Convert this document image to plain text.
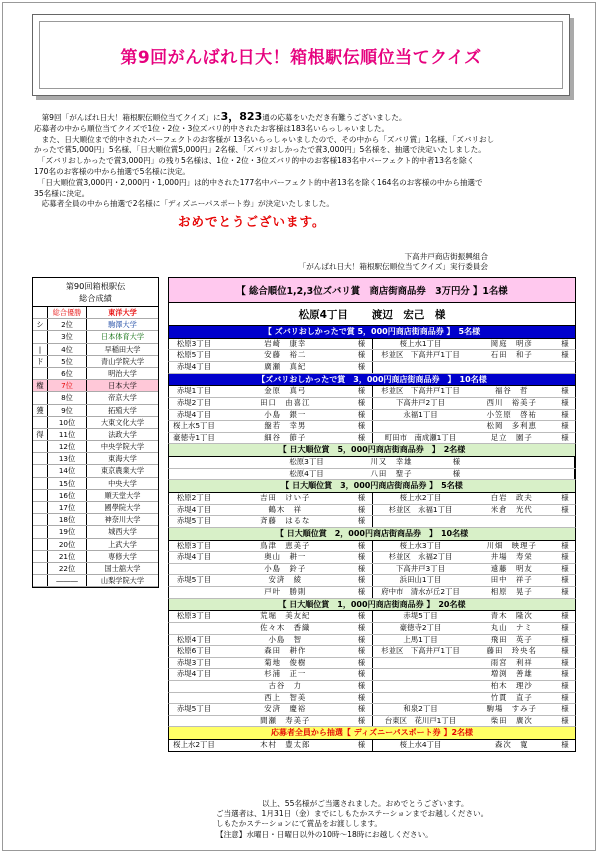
第9回がんばれ日大！箱根駅伝順位当てクイズ

　第9回「がんばれ日大！箱根駅伝順位当てクイズ」に3，823通の応募をいただき有難うございました。

応募者の中から順位当てクイズで1位・2位・3位ズバリ的中されたお客様は183名いらっしゃいました。

　また、日大順位まで的中されたパーフェクトのお客様が 13名いらっしゃいましたので、その中から「ズバリ賞」1名様、「ズバリおし

かったで賞5,000円」5名様、「日大順位賞5,000円」2名様、「ズバリおしかったで賞3,000円」5名様を、抽選で決定いたしました。

　「ズバリおしかったで賞3,000円」の残り5名様は、1位・2位・3位ズバリ的中のお客様183名中パーフェクト的中者13名を除く

170名のお客様の中から抽選で5名様に決定。

　「日大順位賞3,000円・2,000円・1,000円」は的中された177名中パーフェクト的中者13名を除く164名のお客様の中から抽選で

35名様に決定。

　応募者全員の中から抽選で2名様に「ディズニーパスポート券」が決定いたしました。

おめでとうございます。
下高井戸商店街振興組合
「がんばれ日大！箱根駅伝順位当てクイズ」実行委員会
第90回箱根駅伝
総合成績
総合優勝	東洋大学
シ	2位	駒澤大学
3位	日本体育大学
|	4位	早稲田大学
ド	5位	青山学院大学
6位	明治大学
権	7位	日本大学
8位	帝京大学
獲	9位	拓殖大学
10位	大東文化大学
得	11位	法政大学
12位	中央学院大学
13位	東海大学
14位	東京農業大学
15位	中央大学
16位	順天堂大学
17位	國學院大学
18位	神奈川大学
19位	城西大学
20位	上武大学
21位	専修大学
22位	国士舘大学
―――	山梨学院大学
【 総合順位1,2,3位ズバリ賞　商店街商品券　3万円分 】1名様
松原4丁目 渡辺　宏己　様
【 ズバリおしかったで賞 5，000円商店街商品券 】　5名様
松原3丁目	岩崎　康幸	様	桜上水1丁目	岡庭　明彦	様
松原5丁目	安藤　裕二	様	杉並区　下高井戸1丁目	石田　和子	様
赤堤4丁目	廣瀬　真紀	様
【ズバリおしかったで賞　3，000円商店街商品券　】　10名様
赤堤1丁目	金原　真弓	様	杉並区　下高井戸1丁目	福谷　哲	様
赤堤2丁目	田口　由喜江	様	下高井戸2丁目	西川　裕美子	様
赤堤4丁目	小島　銀一	様	永福1丁目	小笠原　啓祐	様
桜上水5丁目	盤若　幸男	様	松岡　多利恵	様
豪徳寺1丁目	細谷　節子	様	町田市　南成瀬1丁目	足立　園子	様
【 日大順位賞　5，000円商店街商品券　】　2名様
松原3丁目	川又　幸雄	様
松原4丁目	八田　聖子	様
【 日大順位賞　3，000円商店街商品券 】　5名様
松原2丁目	吉田　けい子	様	桜上水2丁目	白岩　政夫	様
赤堤4丁目	鶴木　祥	様	杉並区　永福1丁目	米倉　光代	様
赤堤5丁目	斉藤　はるな	様
【 日大順位賞　2，000円商店街商品券　】　10名様
松原3丁目	鳥津　恵美子	様	桜上水3丁目	川畑　映理子	様
赤堤4丁目	奥山　耕一	様	杉並区　永福2丁目	井場　寿栄	様
小島　鈴子	様	下高井戸3丁目	遠藤　明友	様
赤堤5丁目	安済　綾	様	浜田山1丁目	田中　祥子	様
戸叶　勝則	様	府中市　清水が丘2丁目	相原　晃子	様
【 日大順位賞　1，000円商店街商品券 】　20名様
松原3丁目	荒堀　美友紀	様	赤堤5丁目	青木　隆次	様
佐々木　香織	様	豪徳寺2丁目	丸山　ナミ	様
松原4丁目	小島　智	様	上馬1丁目	飛田　英子	様
松原6丁目	森田　耕作	様	杉並区　下高井戸1丁目	藤田　玲央名	様
赤堤3丁目	菊地　俊樹	様	雨宮　利祥	様
赤堤4丁目	杉浦　正一	様	増渕　善雄	様
古谷　力	様	柏木　理沙	様
西上　智美	様	竹貫　直子	様
赤堤5丁目	安済　慶裕	様	和泉2丁目	駒場　すみ子	様
間瀬　寿美子	様	台東区　花川戸1丁目	柴田　廣次	様
応募者全員から抽選【 ディズニーパスポート券 】2名様
桜上水2丁目	木村　豊太郎	様	桜上水4丁目	森次　寛	様

以上、55名様がご当選されました。おめでとうございます。

ご当選者は、1月31日（金）までにしもたかステーションまでお越しください。

しもたかステーションにて賞品をお渡しします。

【注意】水曜日・日曜日以外の10時～18時にお越しください。
